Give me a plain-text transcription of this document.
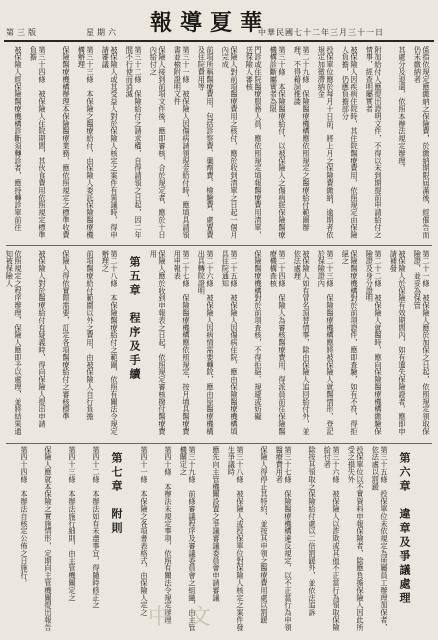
中華民國七十二年三月三十一日
報導夏華
星期六
第三版
係指依規定應繳納之保險費，於繳納期限屆滿後，經催告而仍未繳納者
其處分及退還，依照本辦法規定辦理。
附加給付人應提出證明文件，不得以未到期提前申請給付之情事，經查明屬實者
被保險人因疾病住院時，其住院醫療費用，依照規定由保險人負擔，仍應負擔部分
投保單位應於每月十日前，將上月之保險費繳納，逾期者依規定加徵滯納金
第二十九條　保險醫療機構應依照規定之醫療給付範圍辦理，不得藉詞推諉
第三十條　本保險醫療給付，以被保險人之傷病經保險醫療機構診斷屬實者為限
門診或住院醫療服務人員，應依照規定填報醫療費用清單，送保險人審核
保險人對前項醫療費用之核付，應於收到清單之日起一個月內完成
前項所稱醫療費用，包括診察費、藥劑費、檢驗費、處置費及住院費用等
第三十一條　被保險人因傷病請領現金給付時，應填具請領書並檢附證明文件
保險人接到前項文件後，應即審核，合於規定者，應於十日內給付之
第三十二條　保險給付之請求權，自得請領之日起，因二年間不行使而消滅
被保險人或其受益人對於保險人核定之案件有異議時，得申請審議
第三十三條　本保險之醫療給付，由保險人委託保險醫療機構辦理
保險醫療機構辦理本保險醫療業務，應依照規定之標準收費
第三十四條　被保險人住院期間，其伙食費用依照規定標準負擔
被保險人經保險醫療機構診斷須轉診者，應持轉診單前往
第二十一條　被保險人應於加保之日起，依照規定領取保險證，並妥為保管
被保險人於保險有效期間內，如有遺失保險證者，應即申請補發
第二十二條　被保險人就醫時，應向保險醫療機構繳驗保險證及身分證明
保險醫療機構對於前項證件，應即查驗，如有不符，得拒絕之
第二十三條　保險醫療機構應將被保險人就醫情形，登記於保險證內
被保險人如有冒名頂替情事，除由保險人追回給付外，並依法處理
第二十四條　保險人為審核醫療費用，得派員前往保險醫療機構查核
保險醫療機構對於前項查核，不得拒絕、規避或妨礙
第二十五條　被保險人因傷病住院，應由保險醫療機構填具住院通知
第二十六條　被保險人因病情需要轉院，應由原醫療機構出具轉院證明
第二十七條　保險醫療機構應依照規定，按月填具醫療費用申報表
保險人應於收到申報表之日起，依照規定審核撥付醫療費用
第五章　程序及手續
第二十八條　本保險醫療給付之範圍，依照有關法令規定辦理之
前項醫療給付範圍以外之費用，由被保險人自行負擔
保險人得依實際需要，訂定各項醫療給付之審核標準
被保險人對於醫療給付有疑義時，得向保險人提出申請
依照規定之程序辦理，保險人應即予以處理，並將結果通知被保險人
第六章　違章及爭議處理
第三十五條　投保單位未依規定為所屬員工辦理加保者，依法處以罰鍰
投保單位以不實資料申報保險者，除應負擔保險人因此所受之損失外
第三十六條　被保險人以詐欺或其他不正當行為領取保險給付者
除按其領取之保險給付處以二倍罰鍰外，並依法追訴
第三十七條　保險醫療機構違反規定，以不正當行為申領醫療費用者
保險人得停止其特約，並按其申領之醫療費用處以罰鍰
第三十八條　被保險人或投保單位對保險人核定之案件發生爭議時
應先向主管機關設置之爭議審議委員會申請審議
第三十九條　前條審議程序及審議委員會之組織，由主管機關定之
第四十條　本辦法未規定事項，依照有關法令規定辦理
第四十一條　本保險之各項書表格式，由保險人定之
第七章　附則
第四十二條　本辦法如有未盡事宜，得隨時修正之
第四十三條　本辦法施行細則，由主管機關定之
保險人應就本保險之實施情形，定期向主管機關提出報告
第四十四條　本辦法自核定公佈之日施行。
中 文
